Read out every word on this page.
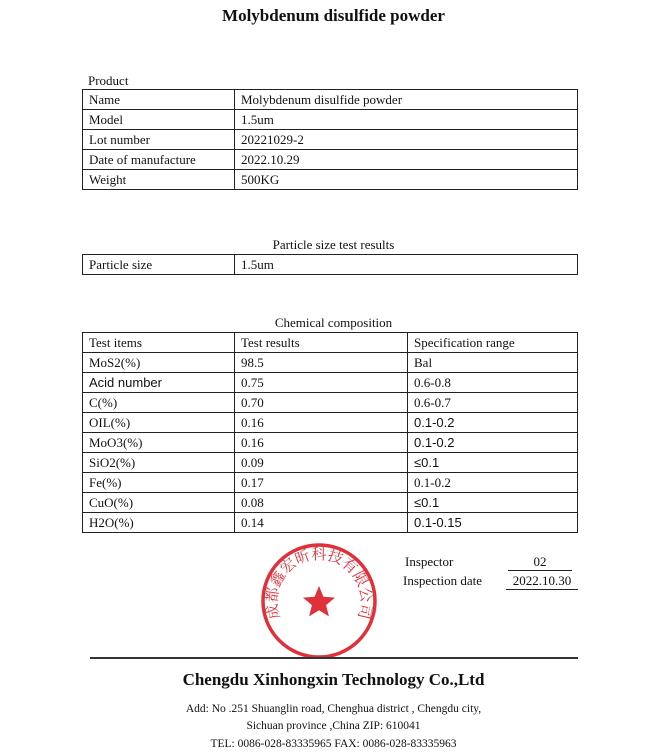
Molybdenum disulfide powder
Product
Name	Molybdenum disulfide powder
Model	1.5um
Lot number	20221029-2
Date of manufacture	2022.10.29
Weight	500KG
Particle size test results
Particle size	1.5um
Chemical composition
Test items	Test results	Specification range
MoS2(%)	98.5	Bal
Acid number	0.75	0.6-0.8
C(%)	0.70	0.6-0.7
OIL(%)	0.16	0.1-0.2
MoO3(%)	0.16	0.1-0.2
SiO2(%)	0.09	≤0.1
Fe(%)	0.17	0.1-0.2
CuO(%)	0.08	≤0.1
H2O(%)	0.14	0.1-0.15
成都鑫宏昕科技有限公司
Inspector	02
Inspection date	2022.10.30
Chengdu Xinhongxin Technology Co.,Ltd
Add: No .251 Shuanglin road, Chenghua district , Chengdu city,
Sichuan province ,China ZIP: 610041
TEL: 0086-028-83335965 FAX: 0086-028-83335963
